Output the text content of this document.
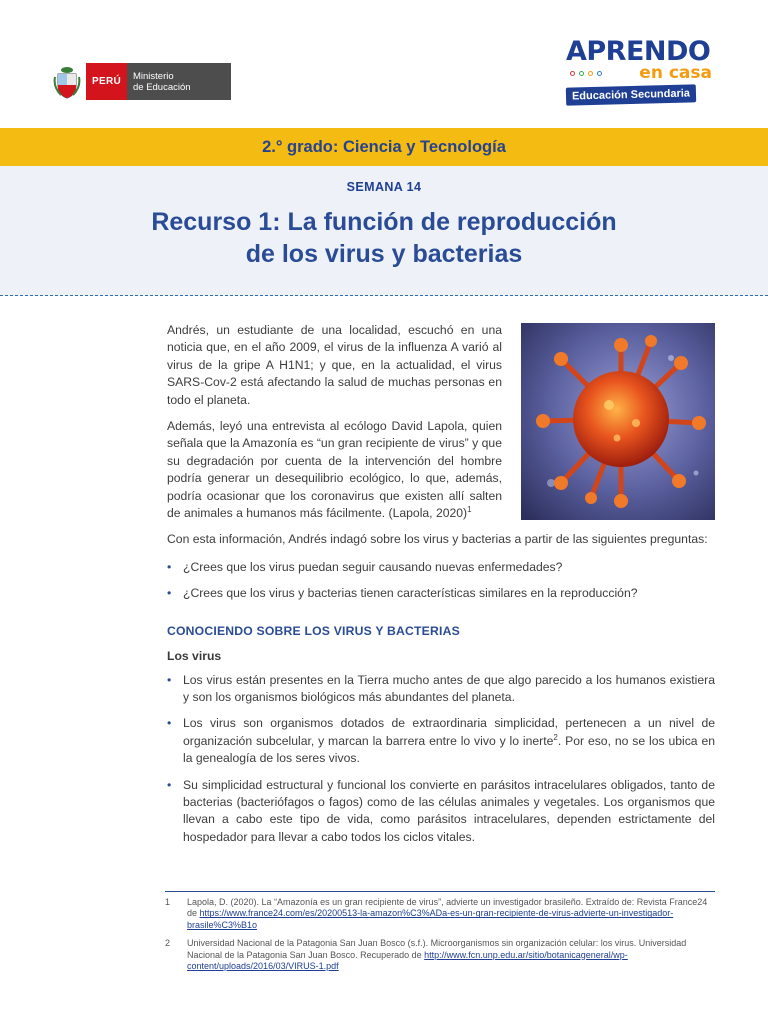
PERÚ	Ministerio
de Educación
APRENDO
en casa
Educación Secundaria
2.° grado: Ciencia y Tecnología
SEMANA 14
Recurso 1: La función de reproducción
de los virus y bacterias

Andrés, un estudiante de una localidad, escuchó en una noticia que, en el año 2009, el virus de la influenza A varió al virus de la gripe A H1N1; y que, en la actualidad, el virus SARS-Cov-2 está afectando la salud de muchas personas en todo el planeta.

Además, leyó una entrevista al ecólogo David Lapola, quien señala que la Amazonía es “un gran recipiente de virus” y que su degradación por cuenta de la intervención del hombre podría generar un desequilibrio ecológico, lo que, además, podría ocasionar que los coronavirus que existen allí salten de animales a humanos más fácilmente. (Lapola, 2020)$^1$

Con esta información, Andrés indagó sobre los virus y bacterias a partir de las siguientes preguntas:

• ¿Crees que los virus puedan seguir causando nuevas enfermedades?
• ¿Crees que los virus y bacterias tienen características similares en la reproducción?
CONOCIENDO SOBRE LOS VIRUS Y BACTERIAS
Los virus
• Los virus están presentes en la Tierra mucho antes de que algo parecido a los humanos existiera y son los organismos biológicos más abundantes del planeta.
• Los virus son organismos dotados de extraordinaria simplicidad, pertenecen a un nivel de organización subcelular, y marcan la barrera entre lo vivo y lo inerte$^2$. Por eso, no se los ubica en la genealogía de los seres vivos.
• Su simplicidad estructural y funcional los convierte en parásitos intracelulares obligados, tanto de bacterias (bacteriófagos o fagos) como de las células animales y vegetales. Los organismos que llevan a cabo este tipo de vida, como parásitos intracelulares, dependen estrictamente del hospedador para llevar a cabo todos los ciclos vitales.
1 Lapola, D. (2020). La “Amazonía es un gran recipiente de virus”, advierte un investigador brasileño. Extraído de: Revista France24 de https://www.france24.com/es/20200513-la-amazon%C3%ADa-es-un-gran-recipiente-de-virus-advierte-un-investigador-brasile%C3%B1o
2 Universidad Nacional de la Patagonia San Juan Bosco (s.f.). Microorganismos sin organización celular: los virus. Universidad Nacional de la Patagonia San Juan Bosco. Recuperado de http://www.fcn.unp.edu.ar/sitio/botanicageneral/wp-content/uploads/2016/03/VIRUS-1.pdf
